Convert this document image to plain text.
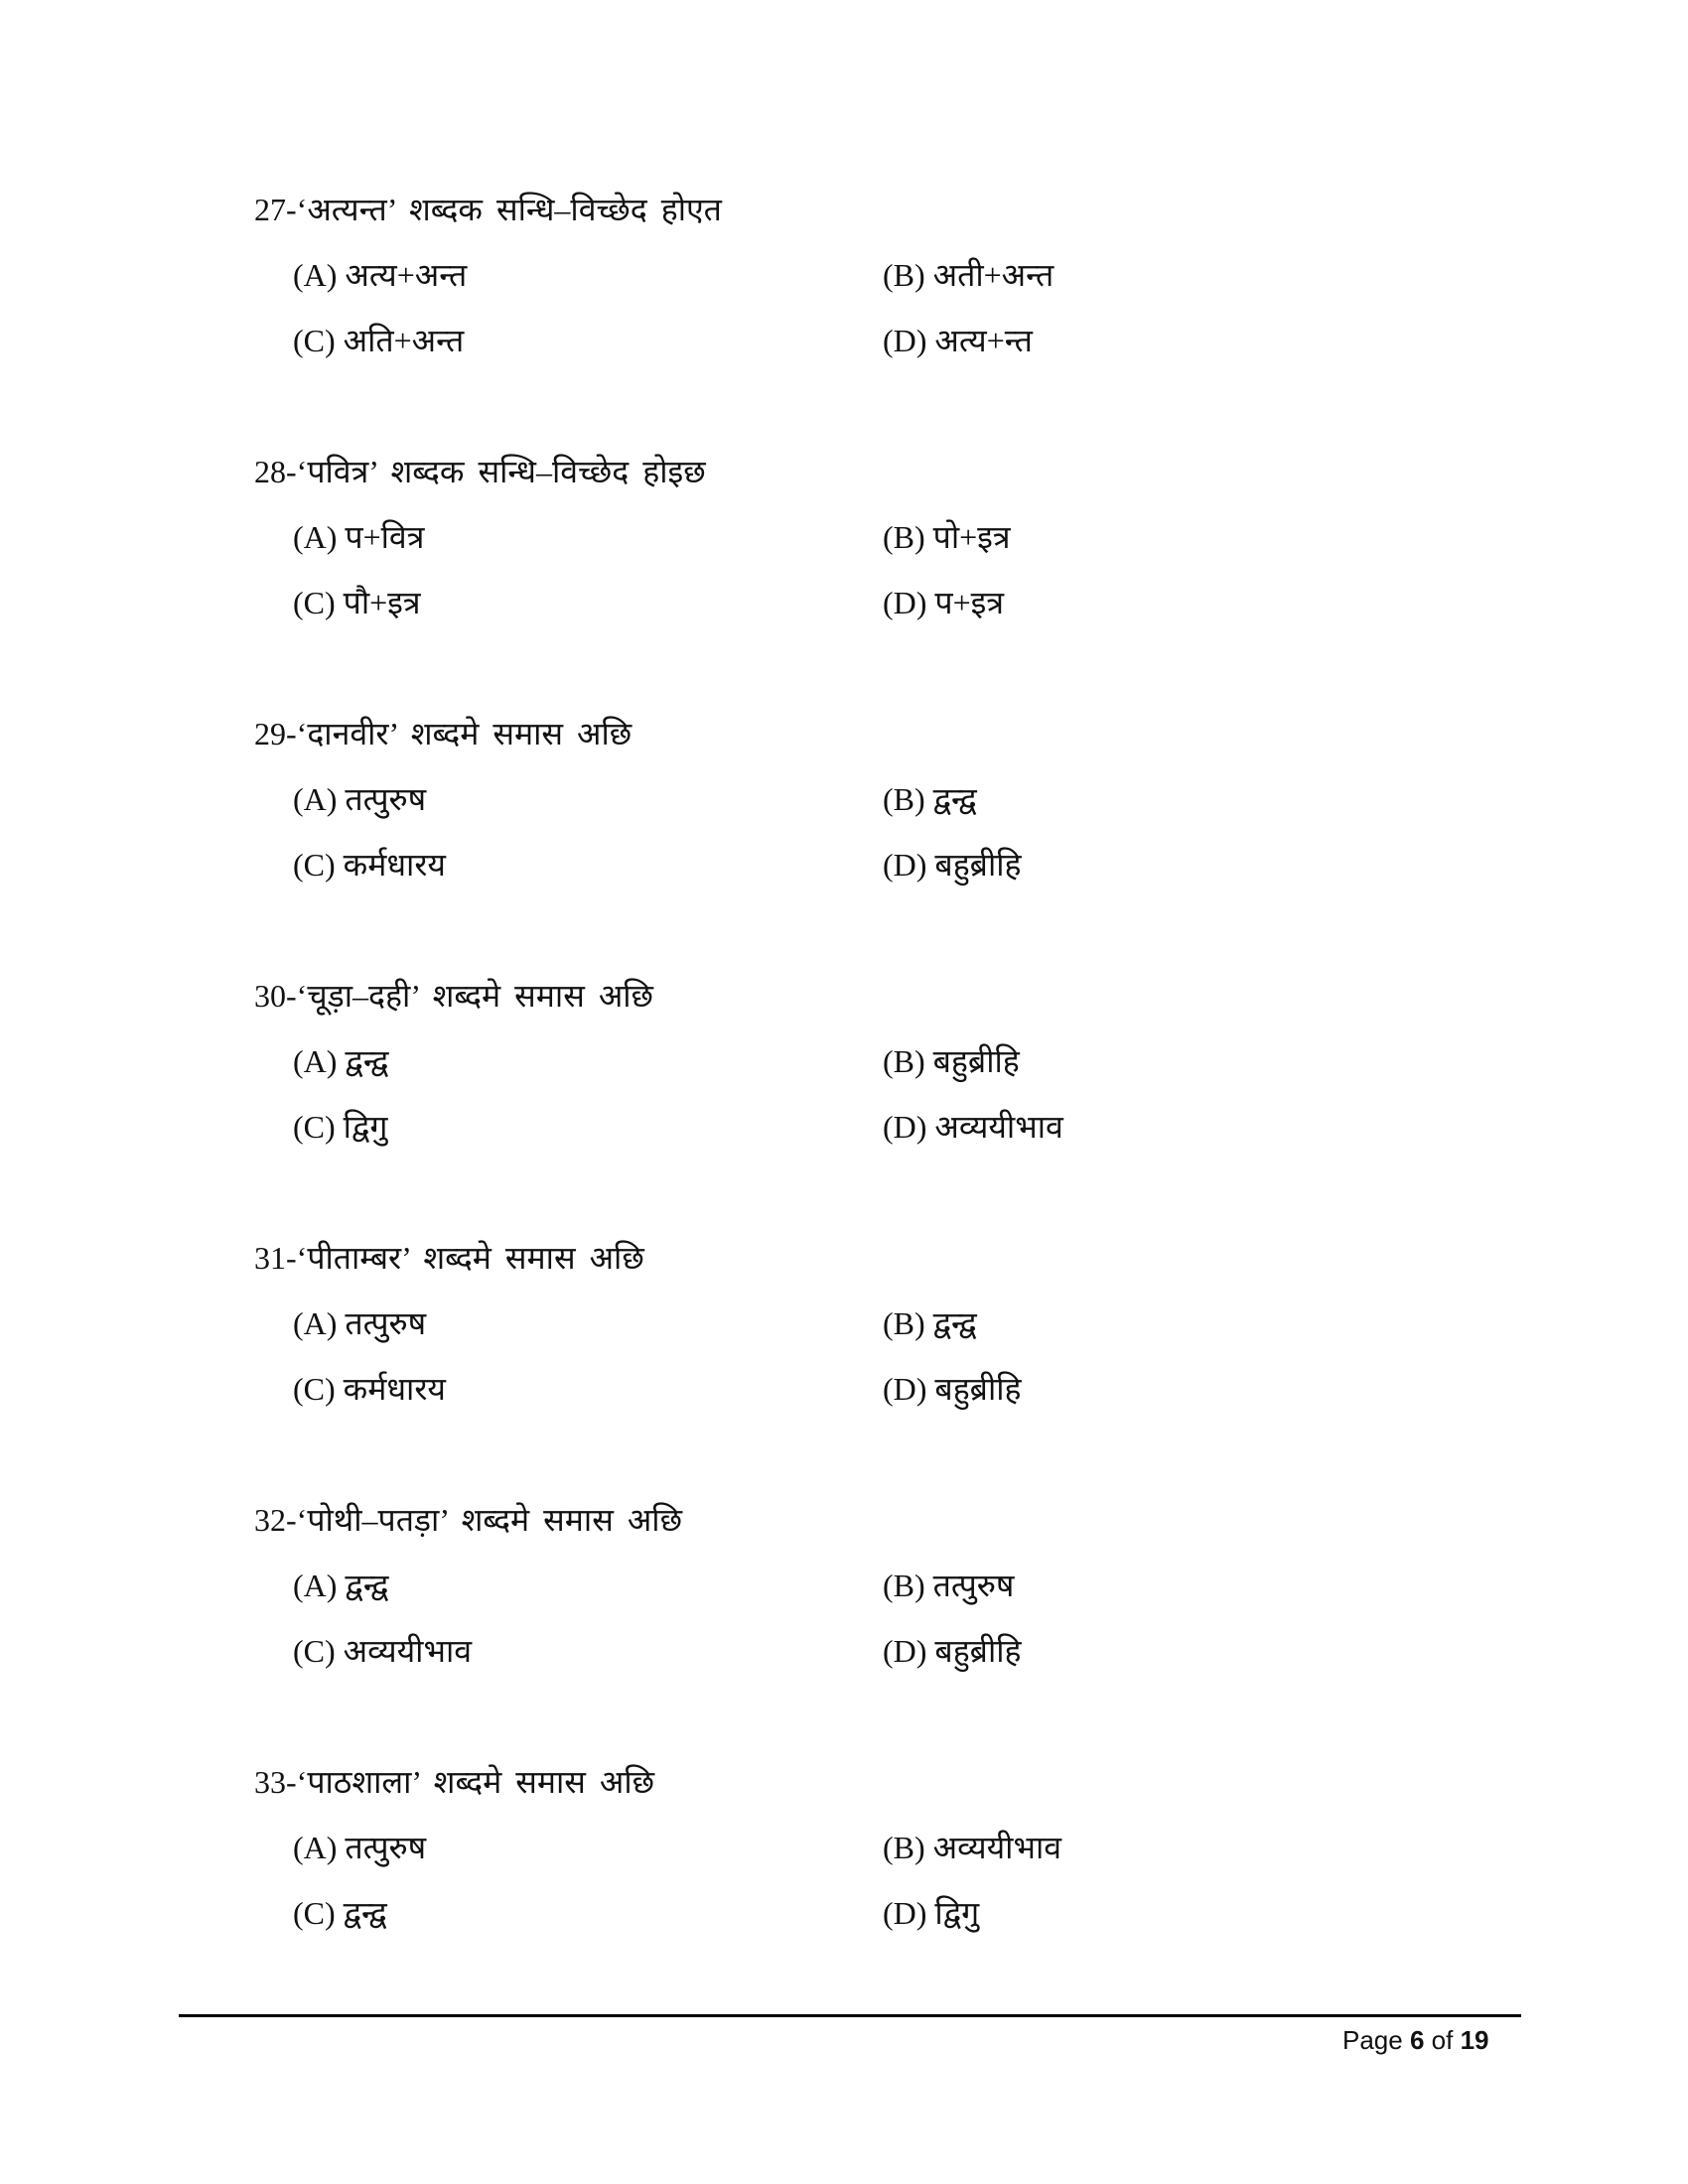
27-‘अत्यन्त’ शब्दक सन्धि–विच्छेद होएत
(A) अत्य+अन्त	(B) अती+अन्त
(C) अति+अन्त	(D) अत्य+न्त
28-‘पवित्र’ शब्दक सन्धि–विच्छेद होइछ
(A) प+वित्र	(B) पो+इत्र
(C) पौ+इत्र	(D) प+इत्र
29-‘दानवीर’ शब्दमे समास अछि
(A) तत्पुरुष	(B) द्वन्द्व
(C) कर्मधारय	(D) बहुब्रीहि
30-‘चूड़ा–दही’ शब्दमे समास अछि
(A) द्वन्द्व	(B) बहुब्रीहि
(C) द्विगु	(D) अव्ययीभाव
31-‘पीताम्बर’ शब्दमे समास अछि
(A) तत्पुरुष	(B) द्वन्द्व
(C) कर्मधारय	(D) बहुब्रीहि
32-‘पोथी–पतड़ा’ शब्दमे समास अछि
(A) द्वन्द्व	(B) तत्पुरुष
(C) अव्ययीभाव	(D) बहुब्रीहि
33-‘पाठशाला’ शब्दमे समास अछि
(A) तत्पुरुष	(B) अव्ययीभाव
(C) द्वन्द्व	(D) द्विगु
Page 6 of 19
